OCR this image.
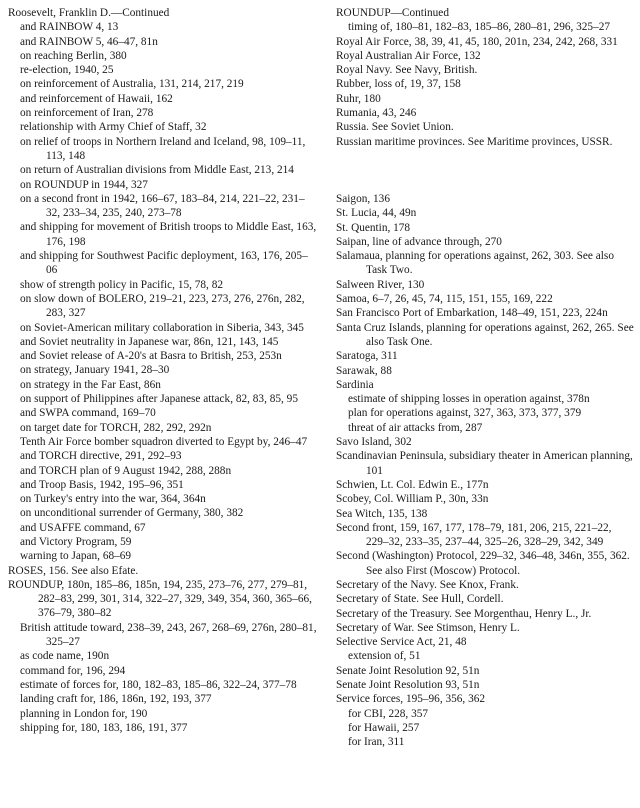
Roosevelt, Franklin D.—Continued

and RAINBOW 4, 13

and RAINBOW 5, 46–47, 81n

on reaching Berlin, 380

re-election, 1940, 25

on reinforcement of Australia, 131, 214, 217, 219

and reinforcement of Hawaii, 162

on reinforcement of Iran, 278

relationship with Army Chief of Staff, 32

on relief of troops in Northern Ireland and Iceland, 98, 109–11, 113, 148

on return of Australian divisions from Middle East, 213, 214

on ROUNDUP in 1944, 327

on a second front in 1942, 166–67, 183–84, 214, 221–22, 231–32, 233–34, 235, 240, 273–78

and shipping for movement of British troops to Middle East, 163, 176, 198

and shipping for Southwest Pacific deployment, 163, 176, 205–06

show of strength policy in Pacific, 15, 78, 82

on slow down of BOLERO, 219–21, 223, 273, 276, 276n, 282, 283, 327

on Soviet-American military collaboration in Siberia, 343, 345

and Soviet neutrality in Japanese war, 86n, 121, 143, 145

and Soviet release of A-20's at Basra to British, 253, 253n

on strategy, January 1941, 28–30

on strategy in the Far East, 86n

on support of Philippines after Japanese attack, 82, 83, 85, 95

and SWPA command, 169–70

on target date for TORCH, 282, 292, 292n

Tenth Air Force bomber squadron diverted to Egypt by, 246–47

and TORCH directive, 291, 292–93

and TORCH plan of 9 August 1942, 288, 288n

and Troop Basis, 1942, 195–96, 351

on Turkey's entry into the war, 364, 364n

on unconditional surrender of Germany, 380, 382

and USAFFE command, 67

and Victory Program, 59

warning to Japan, 68–69

ROSES, 156. See also Efate.

ROUNDUP, 180n, 185–86, 185n, 194, 235, 273–76, 277, 279–81, 282–83, 299, 301, 314, 322–27, 329, 349, 354, 360, 365–66, 376–79, 380–82

British attitude toward, 238–39, 243, 267, 268–69, 276n, 280–81, 325–27

as code name, 190n

command for, 196, 294

estimate of forces for, 180, 182–83, 185–86, 322–24, 377–78

landing craft for, 186, 186n, 192, 193, 377

planning in London for, 190

shipping for, 180, 183, 186, 191, 377

ROUNDUP—Continued

timing of, 180–81, 182–83, 185–86, 280–81, 296, 325–27

Royal Air Force, 38, 39, 41, 45, 180, 201n, 234, 242, 268, 331

Royal Australian Air Force, 132

Royal Navy. See Navy, British.

Rubber, loss of, 19, 37, 158

Ruhr, 180

Rumania, 43, 246

Russia. See Soviet Union.

Russian maritime provinces. See Maritime provinces, USSR.

Saigon, 136

St. Lucia, 44, 49n

St. Quentin, 178

Saipan, line of advance through, 270

Salamaua, planning for operations against, 262, 303. See also Task Two.

Salween River, 130

Samoa, 6–7, 26, 45, 74, 115, 151, 155, 169, 222

San Francisco Port of Embarkation, 148–49, 151, 223, 224n

Santa Cruz Islands, planning for operations against, 262, 265. See also Task One.

Saratoga, 311

Sarawak, 88

Sardinia

estimate of shipping losses in operation against, 378n

plan for operations against, 327, 363, 373, 377, 379

threat of air attacks from, 287

Savo Island, 302

Scandinavian Peninsula, subsidiary theater in American planning, 101

Schwien, Lt. Col. Edwin E., 177n

Scobey, Col. William P., 30n, 33n

Sea Witch, 135, 138

Second front, 159, 167, 177, 178–79, 181, 206, 215, 221–22, 229–32, 233–35, 237–44, 325–26, 328–29, 342, 349

Second (Washington) Protocol, 229–32, 346–48, 346n, 355, 362. See also First (Moscow) Protocol.

Secretary of the Navy. See Knox, Frank.

Secretary of State. See Hull, Cordell.

Secretary of the Treasury. See Morgenthau, Henry L., Jr.

Secretary of War. See Stimson, Henry L.

Selective Service Act, 21, 48

extension of, 51

Senate Joint Resolution 92, 51n

Senate Joint Resolution 93, 51n

Service forces, 195–96, 356, 362

for CBI, 228, 357

for Hawaii, 257

for Iran, 311
